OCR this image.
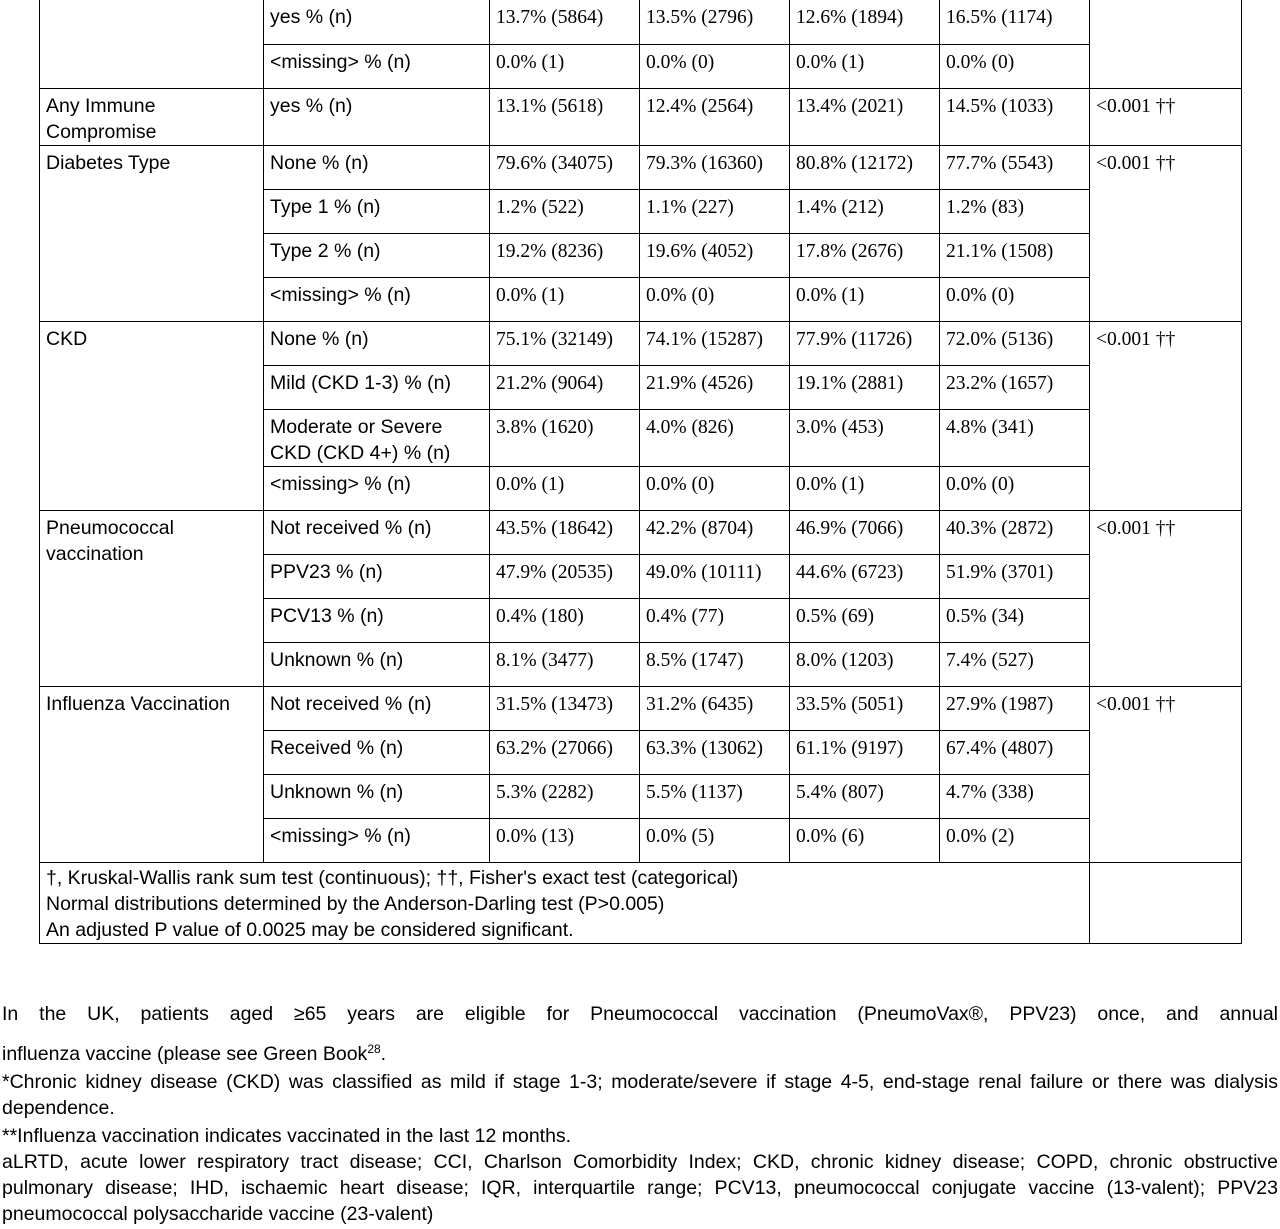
	yes % (n)	13.7% (5864)	13.5% (2796)	12.6% (1894)	16.5% (1174)	
	<missing> % (n)	0.0% (1)	0.0% (0)	0.0% (1)	0.0% (0)	
Any Immune Compromise	yes % (n)	13.1% (5618)	12.4% (2564)	13.4% (2021)	14.5% (1033)	<0.001 ††
Diabetes Type	None % (n)	79.6% (34075)	79.3% (16360)	80.8% (12172)	77.7% (5543)	<0.001 ††
	Type 1 % (n)	1.2% (522)	1.1% (227)	1.4% (212)	1.2% (83)	
	Type 2 % (n)	19.2% (8236)	19.6% (4052)	17.8% (2676)	21.1% (1508)	
	<missing> % (n)	0.0% (1)	0.0% (0)	0.0% (1)	0.0% (0)	
CKD	None % (n)	75.1% (32149)	74.1% (15287)	77.9% (11726)	72.0% (5136)	<0.001 ††
	Mild (CKD 1-3) % (n)	21.2% (9064)	21.9% (4526)	19.1% (2881)	23.2% (1657)	
	Moderate or Severe CKD (CKD 4+) % (n)	3.8% (1620)	4.0% (826)	3.0% (453)	4.8% (341)	
	<missing> % (n)	0.0% (1)	0.0% (0)	0.0% (1)	0.0% (0)	
Pneumococcal vaccination	Not received % (n)	43.5% (18642)	42.2% (8704)	46.9% (7066)	40.3% (2872)	<0.001 ††
	PPV23 % (n)	47.9% (20535)	49.0% (10111)	44.6% (6723)	51.9% (3701)	
	PCV13 % (n)	0.4% (180)	0.4% (77)	0.5% (69)	0.5% (34)	
	Unknown % (n)	8.1% (3477)	8.5% (1747)	8.0% (1203)	7.4% (527)	
Influenza Vaccination	Not received % (n)	31.5% (13473)	31.2% (6435)	33.5% (5051)	27.9% (1987)	<0.001 ††
	Received % (n)	63.2% (27066)	63.3% (13062)	61.1% (9197)	67.4% (4807)	
	Unknown % (n)	5.3% (2282)	5.5% (1137)	5.4% (807)	4.7% (338)	
	<missing> % (n)	0.0% (13)	0.0% (5)	0.0% (6)	0.0% (2)	

†, Kruskal-Wallis rank sum test (continuous); ††, Fisher's exact test (categorical)
Normal distributions determined by the Anderson-Darling test (P>0.005)
An adjusted P value of 0.0025 may be considered significant.						

In the UK, patients aged ≥65 years are eligible for Pneumococcal vaccination (PneumoVax®, PPV23) once, and annual

influenza vaccine (please see Green Book$^{28}$.

*Chronic kidney disease (CKD) was classified as mild if stage 1-3; moderate/severe if stage 4-5, end-stage renal failure or there was dialysis dependence.

**Influenza vaccination indicates vaccinated in the last 12 months.

aLRTD, acute lower respiratory tract disease; CCI, Charlson Comorbidity Index; CKD, chronic kidney disease; COPD, chronic obstructive pulmonary disease; IHD, ischaemic heart disease; IQR, interquartile range; PCV13, pneumococcal conjugate vaccine (13-valent); PPV23 pneumococcal polysaccharide vaccine (23-valent)
